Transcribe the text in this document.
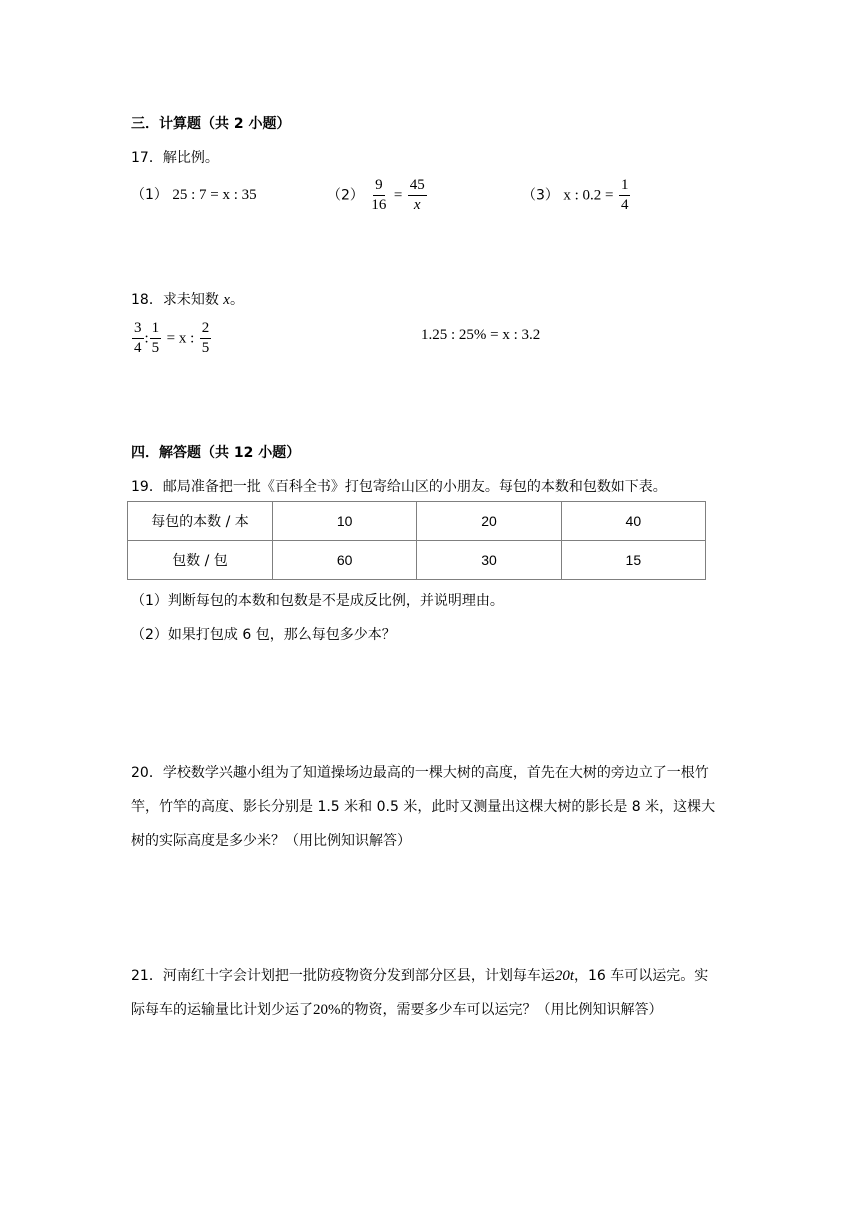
三．计算题（共 2 小题）
17．解比例。
（1） 25 : 7 = x : 35	$(2) \frac{9}{16} = \frac{45}{x}$	（3） x : $0.2 = \frac{1}{4}$
18．求未知数 x。
$\frac{3}{4}$ : $\frac{1}{5} = x$ : $\frac{2}{5}$	1.25 : 25% = x : 3.2
四．解答题（共 12 小题）
19．邮局准备把一批《百科全书》打包寄给山区的小朋友。每包的本数和包数如下表。
每包的本数 / 本	10	20	40
包数 / 包	60	30	15
（1）判断每包的本数和包数是不是成反比例，并说明理由。
（2）如果打包成 6 包，那么每包多少本？
20．学校数学兴趣小组为了知道操场边最高的一棵大树的高度，首先在大树的旁边立了一根竹竿，竹竿的高度、影长分别是 1.5 米和 0.5 米，此时又测量出这棵大树的影长是 8 米，这棵大树的实际高度是多少米？（用比例知识解答）
21．河南红十字会计划把一批防疫物资分发到部分区县，计划每车运20t，16 车可以运完。实际每车的运输量比计划少运了20%的物资，需要多少车可以运完？（用比例知识解答）
